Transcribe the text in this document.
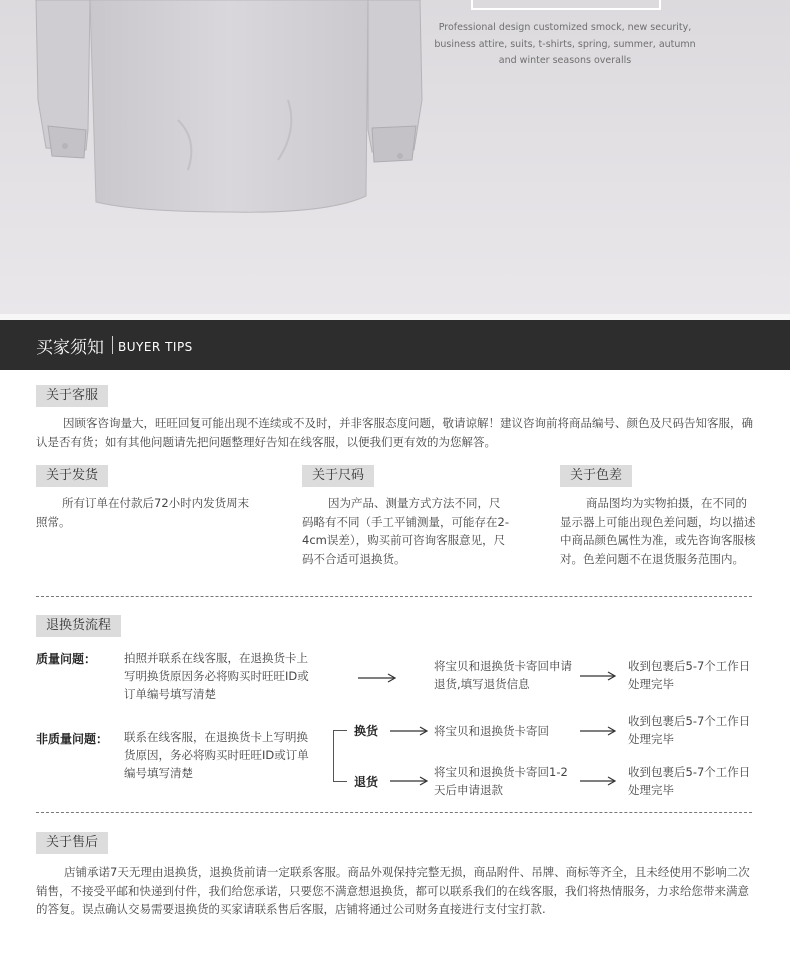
Professional design customized smock, new security, business attire, suits, t-shirts, spring, summer, autumn and winter seasons overalls
买家须知 BUYER TIPS
关于客服
因顾客咨询量大，旺旺回复可能出现不连续或不及时，并非客服态度问题，敬请谅解！建议咨询前将商品编号、颜色及尺码告知客服，确认是否有货；如有其他问题请先把问题整理好告知在线客服，以便我们更有效的为您解答。
关于发货
所有订单在付款后72小时内发货周末照常。
关于尺码
因为产品、测量方式方法不同，尺码略有不同（手工平铺测量，可能存在2-4cm误差），购买前可咨询客服意见，尺码不合适可退换货。
关于色差
商品图均为实物拍摄，在不同的显示器上可能出现色差问题，均以描述中商品颜色属性为准，或先咨询客服核对。色差问题不在退货服务范围内。
退换货流程
质量问题： 拍照并联系在线客服，在退换货卡上写明换货原因务必将购买时旺旺ID或订单编号填写清楚
将宝贝和退换货卡寄回申请退货,填写退货信息
收到包裹后5-7个工作日处理完毕
非质量问题： 联系在线客服，在退换货卡上写明换货原因，务必将购买时旺旺ID或订单编号填写清楚
换货	将宝贝和退换货卡寄回
收到包裹后5-7个工作日处理完毕
退货
将宝贝和退换货卡寄回1-2天后申请退款
收到包裹后5-7个工作日处理完毕
关于售后
店铺承诺7天无理由退换货，退换货前请一定联系客服。商品外观保持完整无损，商品附件、吊牌、商标等齐全，且未经使用不影响二次销售，不接受平邮和快递到付件，我们给您承诺，只要您不满意想退换货，都可以联系我们的在线客服，我们将热情服务，力求给您带来满意的答复。误点确认交易需要退换货的买家请联系售后客服，店铺将通过公司财务直接进行支付宝打款.
